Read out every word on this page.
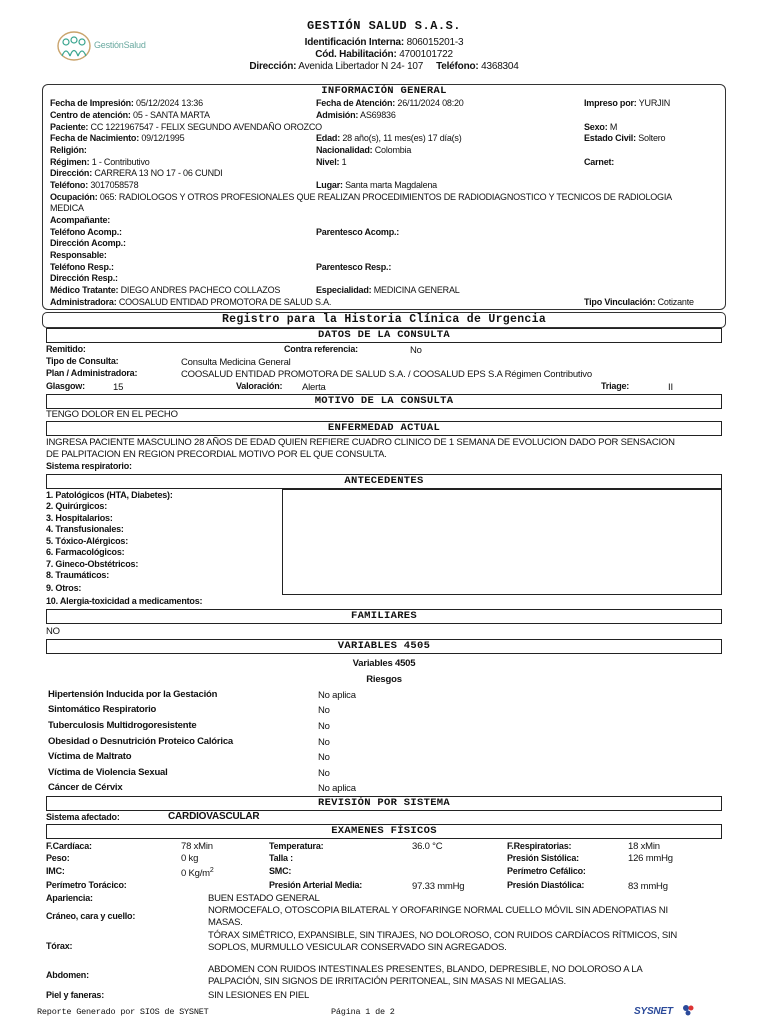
GestiónSalud
GESTIÓN SALUD S.A.S.
Identificación Interna: 806015201-3
Cód. Habilitación: 4700101722
Dirección: Avenida Libertador N 24- 107 Teléfono: 4368304
INFORMACIÓN GENERAL
Fecha de Impresión: 05/12/2024 13:36	Fecha de Atención: 26/11/2024 08:20	Impreso por: YURJIN
Centro de atención: 05 - SANTA MARTA	Admisión: AS69836
Paciente: CC 1221967547 - FELIX SEGUNDO AVENDAÑO OROZCO	Sexo: M
Fecha de Nacimiento: 09/12/1995	Edad: 28 año(s), 11 mes(es) 17 día(s)	Estado Civil: Soltero
Religión:	Nacionalidad: Colombia
Régimen: 1 - Contributivo	Nivel: 1	Carnet:
Dirección: CARRERA 13 NO 17 - 06 CUNDI
Teléfono: 3017058578	Lugar: Santa marta Magdalena
Ocupación: 065: RADIOLOGOS Y OTROS PROFESIONALES QUE REALIZAN PROCEDIMIENTOS DE RADIODIAGNOSTICO Y TECNICOS DE RADIOLOGIA
MEDICA
Acompañante:
Teléfono Acomp.:	Parentesco Acomp.:
Dirección Acomp.:
Responsable:
Teléfono Resp.:	Parentesco Resp.:
Dirección Resp.:
Médico Tratante: DIEGO ANDRES PACHECO COLLAZOS	Especialidad: MEDICINA GENERAL
Administradora: COOSALUD ENTIDAD PROMOTORA DE SALUD S.A.	Tipo Vinculación: Cotizante
Registro para la Historia Clínica de Urgencia
DATOS DE LA CONSULTA
Remitido:	Contra referencia:	No
Tipo de Consulta:	Consulta Medicina General
Plan / Administradora:	COOSALUD ENTIDAD PROMOTORA DE SALUD S.A. / COOSALUD EPS S.A Régimen Contributivo
Glasgow:	15	Valoración: Alerta	Triage:	II
MOTIVO DE LA CONSULTA
TENGO DOLOR EN EL PECHO
ENFERMEDAD ACTUAL
INGRESA PACIENTE MASCULINO 28 AÑOS DE EDAD QUIEN REFIERE CUADRO CLINICO DE 1 SEMANA DE EVOLUCION DADO POR SENSACION
DE PALPITACION EN REGION PRECORDIAL MOTIVO POR EL QUE CONSULTA.
Sistema respiratorio:
ANTECEDENTES
1. Patológicos (HTA, Diabetes):
2. Quirúrgicos:
3. Hospitalarios:
4. Transfusionales:
5. Tóxico-Alérgicos:
6. Farmacológicos:
7. Gineco-Obstétricos:
8. Traumáticos:
9. Otros:
10. Alergia-toxicidad a medicamentos:
FAMILIARES
NO
VARIABLES 4505
Variables 4505
Riesgos
Hipertensión Inducida por la Gestación	No aplica
Sintomático Respiratorio	No
Tuberculosis Multidrogoresistente	No
Obesidad o Desnutrición Proteico Calórica	No
Víctima de Maltrato	No
Víctima de Violencia Sexual	No
Cáncer de Cérvix	No aplica
REVISIÓN POR SISTEMA
Sistema afectado:	CARDIOVASCULAR
EXAMENES FÍSICOS
F.Cardíaca:	78 xMin	Temperatura:	36.0 °C	F.Respiratorias:	18 xMin
Peso:	0 kg	Talla :	Presión Sistólica:	126 mmHg
IMC:	0 $Kg/m^2$	SMC:	Perímetro Cefálico:
Perímetro Torácico:	Presión Arterial Media:	97.33 mmHg	Presión Diastólica:	83 mmHg
Apariencia:	BUEN ESTADO GENERAL
Cráneo, cara y cuello:	NORMOCEFALO, OTOSCOPIA BILATERAL Y OROFARINGE NORMAL CUELLO MÓVIL SIN ADENOPATIAS NI
MASAS.
Tórax:
TÓRAX SIMÉTRICO, EXPANSIBLE, SIN TIRAJES, NO DOLOROSO, CON RUIDOS CARDÍACOS RÍTMICOS, SIN
SOPLOS, MURMULLO VESICULAR CONSERVADO SIN AGREGADOS.
Abdomen:	ABDOMEN CON RUIDOS INTESTINALES PRESENTES, BLANDO, DEPRESIBLE, NO DOLOROSO A LA
PALPACIÓN, SIN SIGNOS DE IRRITACIÓN PERITONEAL, SIN MASAS NI MEGALIAS.
Piel y faneras:	SIN LESIONES EN PIEL
Reporte Generado por SIOS de SYSNET	Página 1 de 2	SYSNET
